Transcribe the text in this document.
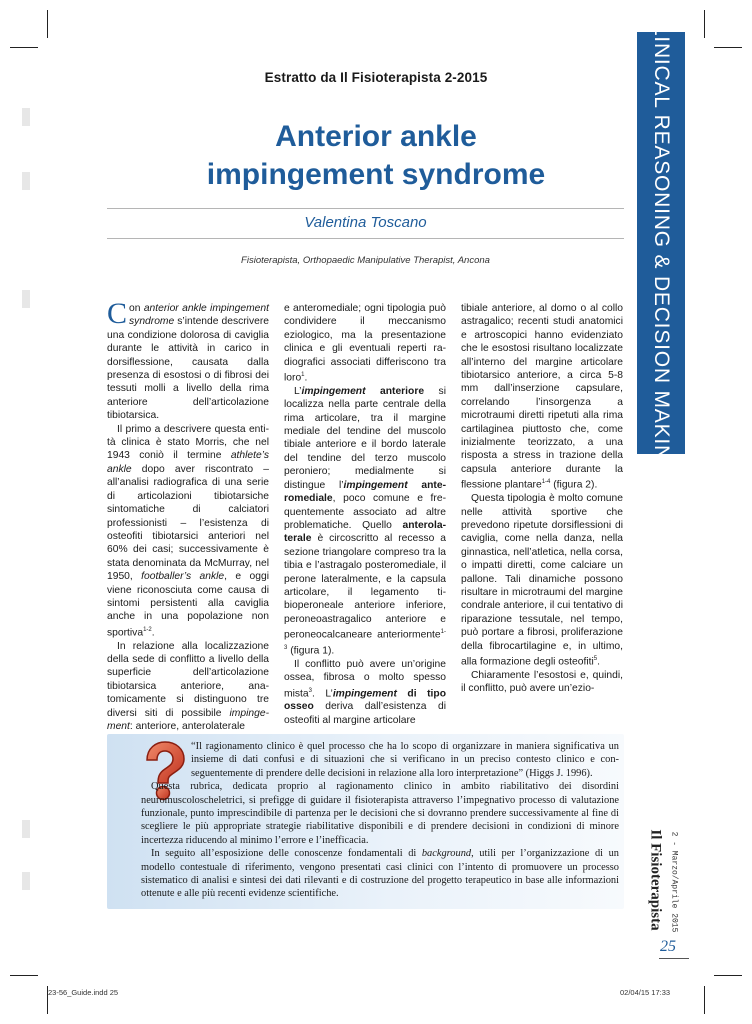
Estratto da Il Fisioterapista 2-2015
Anterior ankle
impingement syndrome
Valentina Toscano
Fisioterapista, Orthopaedic Manipulative Therapist, Ancona	CLINICAL REASONING & DECISION MAKING

Con anterior ankle impingement syndrome s’intende descrivere una condizione dolorosa di caviglia durante le attività in carico in dorsiflessione, causata dalla presenza di esostosi o di fibrosi dei tessuti molli a livello della rima anteriore dell’articolazione tibiotarsica.

Il primo a descrivere questa entità clinica è stato Morris, che nel 1943 coniò il termine athlete’s ankle dopo aver riscontrato – all’analisi radiografica di una serie di articolazioni tibiotarsiche sintomatiche di calciatori professionisti – l’esistenza di osteofiti tibiotarsici anteriori nel 60% dei casi; successivamente è stata denominata da McMurray, nel 1950, footballer’s ankle, e oggi viene riconosciuta come causa di sintomi persistenti alla caviglia anche in una popolazione non sportiva$^{1-2}$.

In relazione alla localizzazione della sede di conflitto a livello della superficie dell’articolazione tibiotarsica anteriore, anatomicamente si distinguono tre diversi siti di possibile impingement: anteriore, anterolaterale

e anteromediale; ogni tipologia può condividere il meccanismo eziologico, ma la presentazione clinica e gli eventuali reperti radiografici associati differiscono tra loro$^1$.

L’impingement anteriore si localizza nella parte centrale della rima articolare, tra il margine mediale del tendine del muscolo tibiale anteriore e il bordo laterale del tendine del terzo muscolo peroniero; medialmente si distingue l’impingement anteromediale, poco comune e frequentemente associato ad altre problematiche. Quello anterolaterale è circoscritto al recesso a sezione triangolare compreso tra la tibia e l’astragalo posteromediale, il perone lateralmente, e la capsula articolare, il legamento tibioperoneale anteriore inferiore, peroneoastragalico anteriore e peroneocalcaneare anteriormente$^{1-3}$ (figura 1).

Il conflitto può avere un’origine ossea, fibrosa o molto spesso mista$^3$. L’impingement di tipo osseo deriva dall’esistenza di osteofiti al margine articolare

tibiale anteriore, al domo o al collo astragalico; recenti studi anatomici e artroscopici hanno evidenziato che le esostosi risultano localizzate all’interno del margine articolare tibiotarsico anteriore, a circa 5-8 mm dall’inserzione capsulare, correlando l’insorgenza a microtraumi diretti ripetuti alla rima cartilaginea piuttosto che, come inizialmente teorizzato, a una risposta a stress in trazione della capsula anteriore durante la flessione plantare$^{1-4}$ (figura 2).

Questa tipologia è molto comune nelle attività sportive che prevedono ripetute dorsiflessioni di caviglia, come nella danza, nella ginnastica, nell’atletica, nella corsa, o impatti diretti, come calciare un pallone. Tali dinamiche possono risultare in microtraumi del margine condrale anteriore, il cui tentativo di riparazione tessutale, nel tempo, può portare a fibrosi, proliferazione della fibrocartilagine e, in ultimo, alla formazione degli osteofiti$^5$.

Chiaramente l’esostosi e, quindi, il conflitto, può avere un’ezio-

“Il ragionamento clinico è quel processo che ha lo scopo di organizzare in maniera significativa un insieme di dati confusi e di situazioni che si verificano in un preciso contesto clinico e conseguentemente di prendere delle decisioni in relazione alla loro interpretazione” (Higgs J. 1996).

Questa rubrica, dedicata proprio al ragionamento clinico in ambito riabilitativo dei disordini neuromuscoloscheletrici, si prefigge di guidare il fisioterapista attraverso l’impegnativo processo di valutazione funzionale, punto imprescindibile di partenza per le decisioni che si dovranno prendere successivamente al fine di scegliere le più appropriate strategie riabilitative disponibili e di prendere decisioni in condizioni di minore incertezza riducendo al minimo l’errore e l’inefficacia.

In seguito all’esposizione delle conoscenze fondamentali di background, utili per l’organizzazione di un modello contestuale di riferimento, vengono presentati casi clinici con l’intento di promuovere un processo sistematico di analisi e sintesi dei dati rilevanti e di costruzione del progetto terapeutico in base alle informazioni ottenute e alle più recenti evidenze scientifiche.	Il Fisioterapista 2 - Marzo/Aprile 2015
25
23-56_Guide.indd 25	02/04/15 17:33
